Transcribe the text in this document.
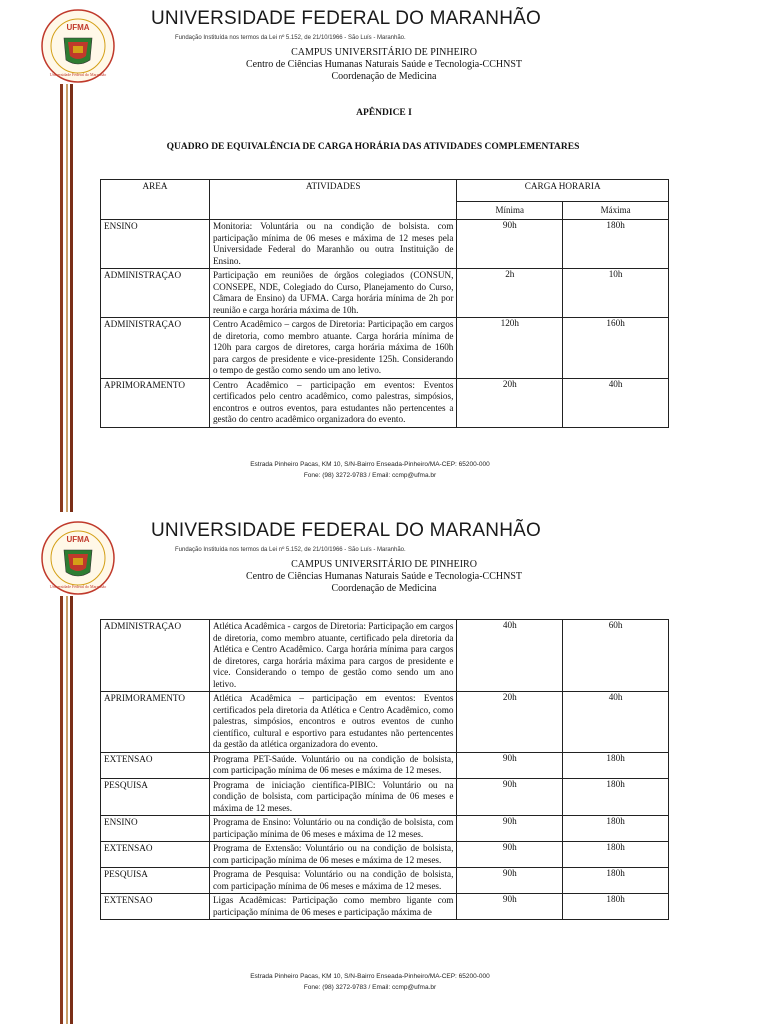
UFMA
Universidade Federal do Maranhão
UNIVERSIDADE FEDERAL DO MARANHÃO
Fundação Instituída nos termos da Lei nº 5.152, de 21/10/1966 - São Luís - Maranhão.
CAMPUS UNIVERSITÁRIO DE PINHEIRO
Centro de Ciências Humanas Naturais Saúde e Tecnologia-CCHNST
Coordenação de Medicina
APÊNDICE I
QUADRO DE EQUIVALÊNCIA DE CARGA HORÁRIA DAS ATIVIDADES COMPLEMENTARES
AREA	ATIVIDADES	CARGA HORARIA	
		Mínima	Máxima
ENSINO	Monitoria: Voluntária ou na condição de bolsista. com participação mínima de 06 meses e máxima de 12 meses pela Universidade Federal do Maranhão ou outra Instituição de Ensino.	90h	180h
ADMINISTRAÇAO	Participação em reuniões de órgãos colegiados (CONSUN, CONSEPE, NDE, Colegiado do Curso, Planejamento do Curso, Câmara de Ensino) da UFMA. Carga horária mínima de 2h por reunião e carga horária máxima de 10h.	2h	10h
ADMINISTRAÇAO	Centro Acadêmico – cargos de Diretoria: Participação em cargos de diretoria, como membro atuante. Carga horária mínima de 120h para cargos de diretores, carga horária máxima de 160h para cargos de presidente e vice-presidente 125h. Considerando o tempo de gestão como sendo um ano letivo.	120h	160h
APRIMORAMENTO	Centro Acadêmico – participação em eventos: Eventos certificados pelo centro acadêmico, como palestras, simpósios, encontros e outros eventos, para estudantes não pertencentes a gestão do centro acadêmico organizadora do evento.	20h	40h
Estrada Pinheiro Pacas, KM 10, S/N-Bairro Enseada-Pinheiro/MA-CEP: 65200-000
Fone: (98) 3272-9783 / Email: ccmp@ufma.br
UFMA
Universidade Federal do Maranhão
UNIVERSIDADE FEDERAL DO MARANHÃO
Fundação Instituída nos termos da Lei nº 5.152, de 21/10/1966 - São Luís - Maranhão.
CAMPUS UNIVERSITÁRIO DE PINHEIRO
Centro de Ciências Humanas Naturais Saúde e Tecnologia-CCHNST
Coordenação de Medicina
ADMINISTRAÇAO	Atlética Acadêmica - cargos de Diretoria: Participação em cargos de diretoria, como membro atuante, certificado pela diretoria da Atlética e Centro Acadêmico. Carga horária mínima para cargos de diretores, carga horária máxima para cargos de presidente e vice. Considerando o tempo de gestão como sendo um ano letivo.	40h	60h
APRIMORAMENTO	Atlética Acadêmica – participação em eventos: Eventos certificados pela diretoria da Atlética e Centro Acadêmico, como palestras, simpósios, encontros e outros eventos de cunho científico, cultural e esportivo para estudantes não pertencentes da gestão da atlética organizadora do evento.	20h	40h
EXTENSAO	Programa PET-Saúde. Voluntário ou na condição de bolsista, com participação mínima de 06 meses e máxima de 12 meses.	90h	180h
PESQUISA	Programa de iniciação científica-PIBIC: Voluntário ou na condição de bolsista, com participação mínima de 06 meses e máxima de 12 meses.	90h	180h
ENSINO	Programa de Ensino: Voluntário ou na condição de bolsista, com participação mínima de 06 meses e máxima de 12 meses.	90h	180h
EXTENSAO	Programa de Extensão: Voluntário ou na condição de bolsista, com participação mínima de 06 meses e máxima de 12 meses.	90h	180h
PESQUISA	Programa de Pesquisa: Voluntário ou na condição de bolsista, com participação mínima de 06 meses e máxima de 12 meses.	90h	180h
EXTENSAO	Ligas Acadêmicas: Participação como membro ligante com participação mínima de 06 meses e participação máxima de	90h	180h
Estrada Pinheiro Pacas, KM 10, S/N-Bairro Enseada-Pinheiro/MA-CEP: 65200-000
Fone: (98) 3272-9783 / Email: ccmp@ufma.br
